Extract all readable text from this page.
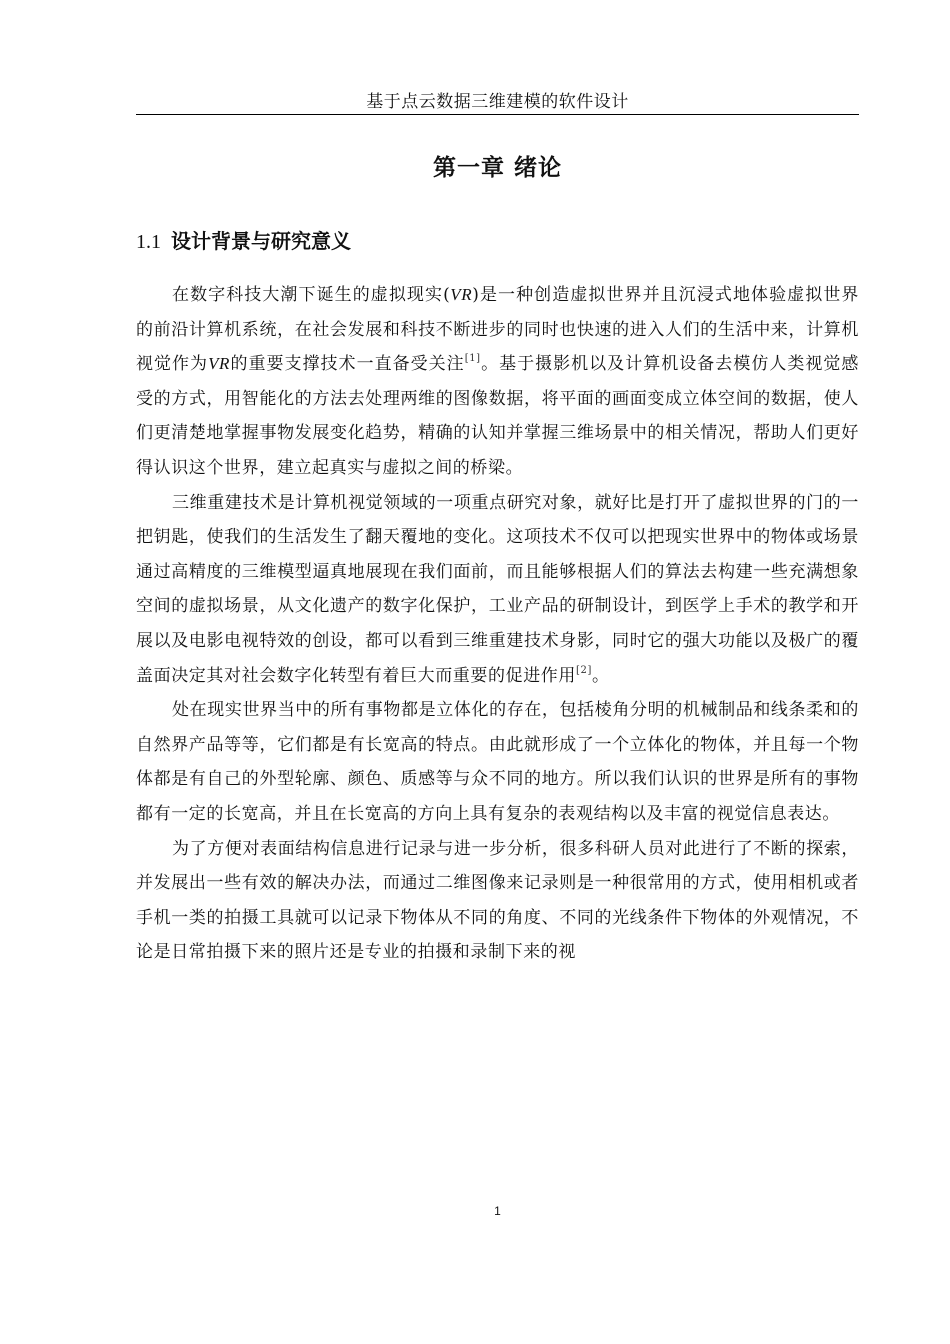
基于点云数据三维建模的软件设计
第一章 绪论
1.1 设计背景与研究意义

在数字科技大潮下诞生的虚拟现实(VR)是一种创造虚拟世界并且沉浸式地体验虚拟世界的前沿计算机系统，在社会发展和科技不断进步的同时也快速的进入人们的生活中来，计算机视觉作为VR的重要支撑技术一直备受关注[1]。基于摄影机以及计算机设备去模仿人类视觉感受的方式，用智能化的方法去处理两维的图像数据，将平面的画面变成立体空间的数据，使人们更清楚地掌握事物发展变化趋势，精确的认知并掌握三维场景中的相关情况，帮助人们更好得认识这个世界，建立起真实与虚拟之间的桥梁。

三维重建技术是计算机视觉领域的一项重点研究对象，就好比是打开了虚拟世界的门的一把钥匙，使我们的生活发生了翻天覆地的变化。这项技术不仅可以把现实世界中的物体或场景通过高精度的三维模型逼真地展现在我们面前，而且能够根据人们的算法去构建一些充满想象空间的虚拟场景，从文化遗产的数字化保护，工业产品的研制设计，到医学上手术的教学和开展以及电影电视特效的创设，都可以看到三维重建技术身影，同时它的强大功能以及极广的覆盖面决定其对社会数字化转型有着巨大而重要的促进作用[2]。

处在现实世界当中的所有事物都是立体化的存在，包括棱角分明的机械制品和线条柔和的自然界产品等等，它们都是有长宽高的特点。由此就形成了一个立体化的物体，并且每一个物体都是有自己的外型轮廓、颜色、质感等与众不同的地方。所以我们认识的世界是所有的事物都有一定的长宽高，并且在长宽高的方向上具有复杂的表观结构以及丰富的视觉信息表达。

为了方便对表面结构信息进行记录与进一步分析，很多科研人员对此进行了不断的探索，并发展出一些有效的解决办法，而通过二维图像来记录则是一种很常用的方式，使用相机或者手机一类的拍摄工具就可以记录下物体从不同的角度、不同的光线条件下物体的外观情况，不论是日常拍摄下来的照片还是专业的拍摄和录制下来的视

1
